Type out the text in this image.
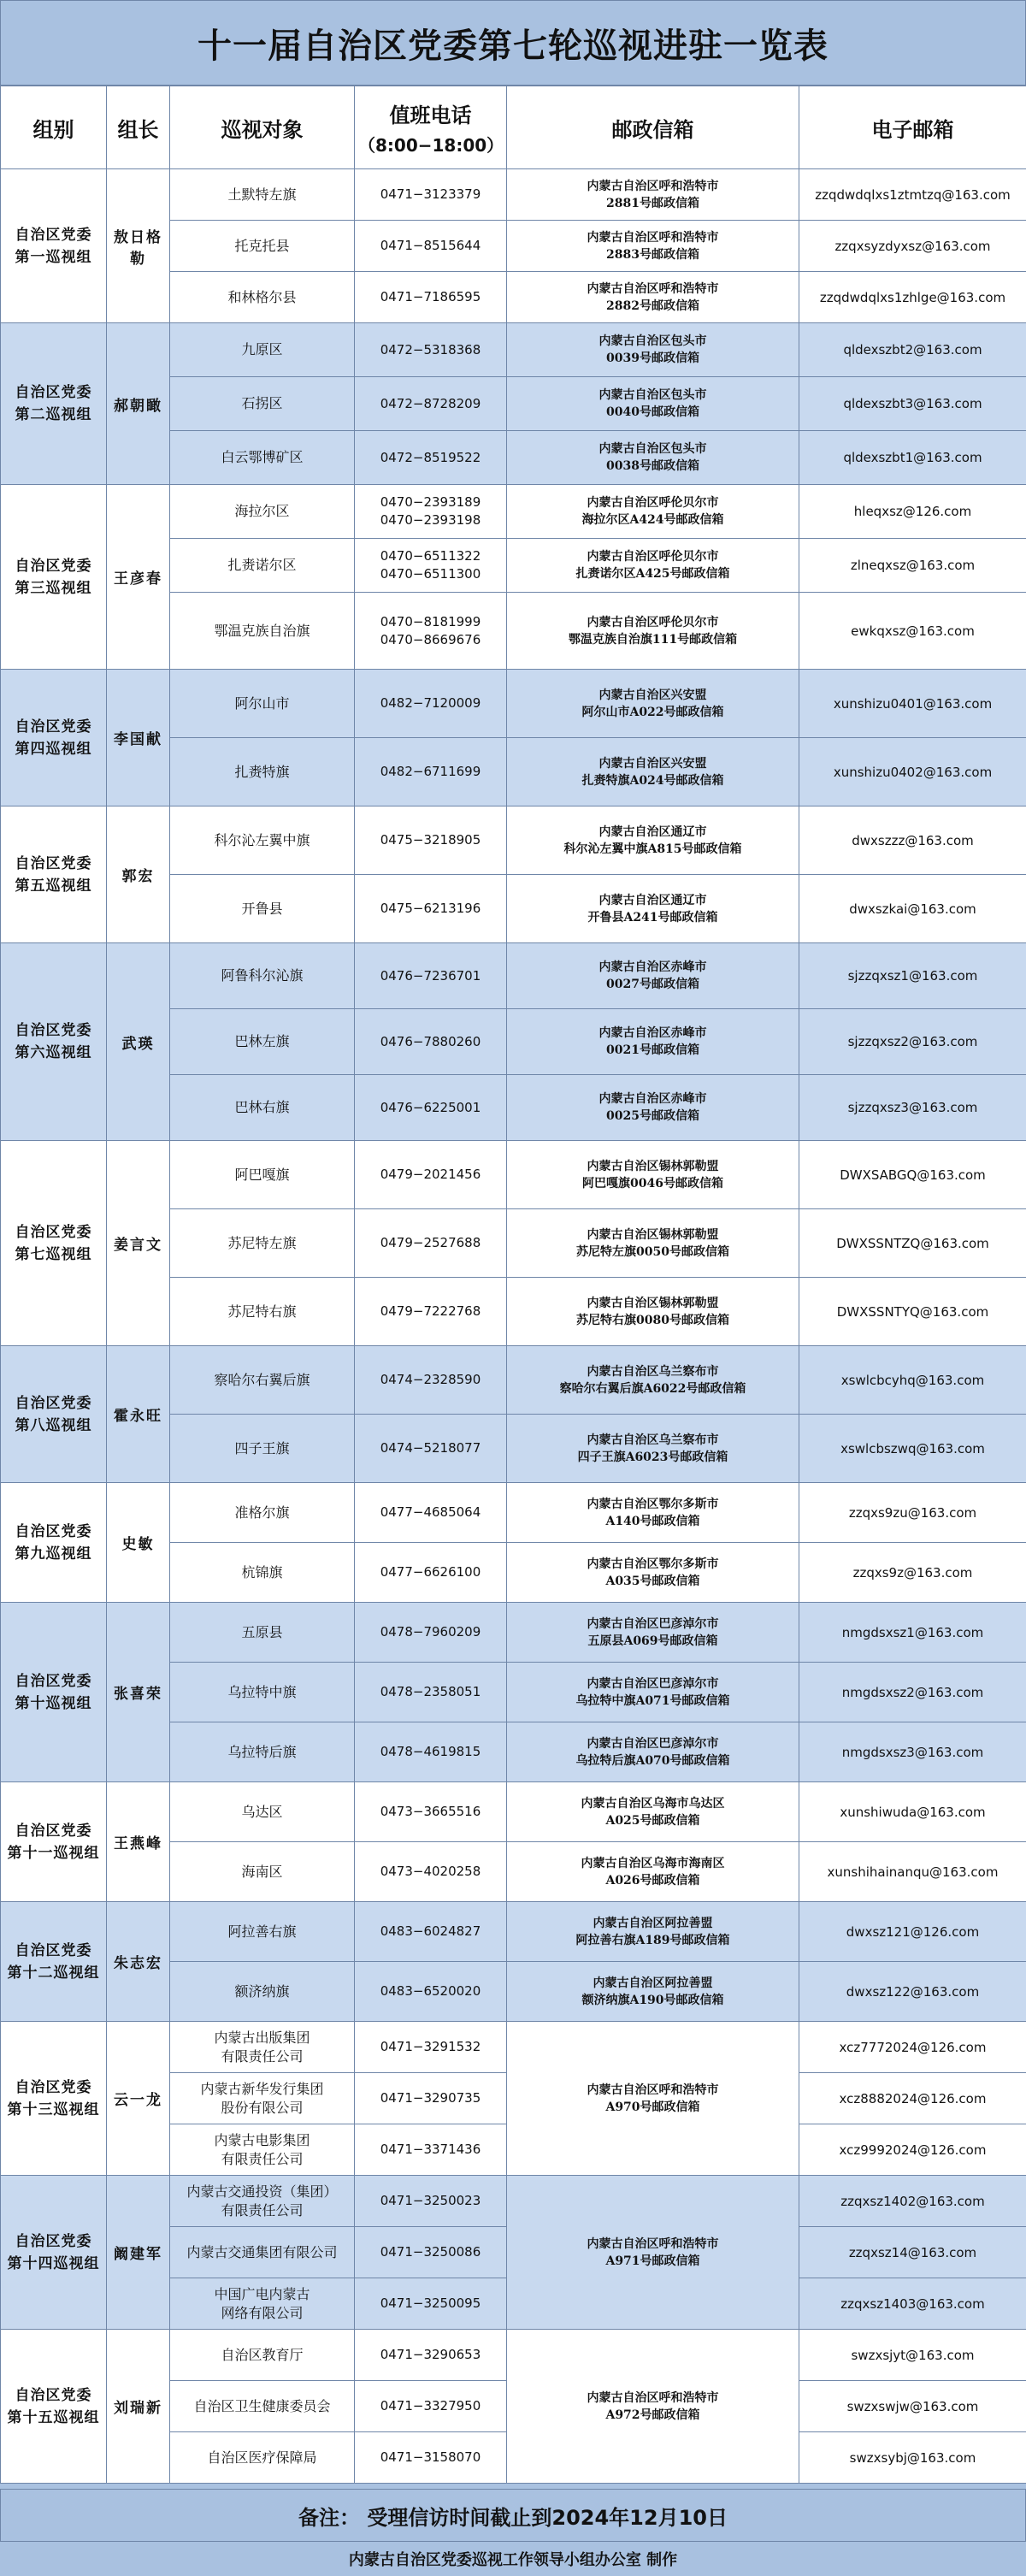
十一届自治区党委第七轮巡视进驻一览表
组别	组长	巡视对象	值班电话
（8:00−18:00）	邮政信箱	电子邮箱
自治区党委
第一巡视组	敖日格勒	土默特左旗	0471−3123379	内蒙古自治区呼和浩特市
2881号邮政信箱	zzqdwdqlxs1ztmtzq@163.com
		托克托县	0471−8515644	内蒙古自治区呼和浩特市
2883号邮政信箱	zzqxsyzdyxsz@163.com
		和林格尔县	0471−7186595	内蒙古自治区呼和浩特市
2882号邮政信箱	zzqdwdqlxs1zhlge@163.com
自治区党委
第二巡视组	郝朝瞰	九原区	0472−5318368	内蒙古自治区包头市
0039号邮政信箱	qldexszbt2@163.com
		石拐区	0472−8728209	内蒙古自治区包头市
0040号邮政信箱	qldexszbt3@163.com
		白云鄂博矿区	0472−8519522	内蒙古自治区包头市
0038号邮政信箱	qldexszbt1@163.com
自治区党委
第三巡视组	王彦春	海拉尔区	0470−2393189
0470−2393198	内蒙古自治区呼伦贝尔市
海拉尔区A424号邮政信箱	hleqxsz@126.com
		扎赉诺尔区	0470−6511322
0470−6511300	内蒙古自治区呼伦贝尔市
扎赉诺尔区A425号邮政信箱	zlneqxsz@163.com
		鄂温克族自治旗	0470−8181999
0470−8669676	内蒙古自治区呼伦贝尔市
鄂温克族自治旗111号邮政信箱	ewkqxsz@163.com
自治区党委
第四巡视组	李国献	阿尔山市	0482−7120009	内蒙古自治区兴安盟
阿尔山市A022号邮政信箱	xunshizu0401@163.com
		扎赉特旗	0482−6711699	内蒙古自治区兴安盟
扎赉特旗A024号邮政信箱	xunshizu0402@163.com
自治区党委
第五巡视组	郭宏	科尔沁左翼中旗	0475−3218905	内蒙古自治区通辽市
科尔沁左翼中旗A815号邮政信箱	dwxszzz@163.com
		开鲁县	0475−6213196	内蒙古自治区通辽市
开鲁县A241号邮政信箱	dwxszkai@163.com
自治区党委
第六巡视组	武瑛	阿鲁科尔沁旗	0476−7236701	内蒙古自治区赤峰市
0027号邮政信箱	sjzzqxsz1@163.com
		巴林左旗	0476−7880260	内蒙古自治区赤峰市
0021号邮政信箱	sjzzqxsz2@163.com
		巴林右旗	0476−6225001	内蒙古自治区赤峰市
0025号邮政信箱	sjzzqxsz3@163.com
自治区党委
第七巡视组	姜言文	阿巴嘎旗	0479−2021456	内蒙古自治区锡林郭勒盟
阿巴嘎旗0046号邮政信箱	DWXSABGQ@163.com
		苏尼特左旗	0479−2527688	内蒙古自治区锡林郭勒盟
苏尼特左旗0050号邮政信箱	DWXSSNTZQ@163.com
		苏尼特右旗	0479−7222768	内蒙古自治区锡林郭勒盟
苏尼特右旗0080号邮政信箱	DWXSSNTYQ@163.com
自治区党委
第八巡视组	霍永旺	察哈尔右翼后旗	0474−2328590	内蒙古自治区乌兰察布市
察哈尔右翼后旗A6022号邮政信箱	xswlcbcyhq@163.com
		四子王旗	0474−5218077	内蒙古自治区乌兰察布市
四子王旗A6023号邮政信箱	xswlcbszwq@163.com
自治区党委
第九巡视组	史敏	准格尔旗	0477−4685064	内蒙古自治区鄂尔多斯市
A140号邮政信箱	zzqxs9zu@163.com
		杭锦旗	0477−6626100	内蒙古自治区鄂尔多斯市
A035号邮政信箱	zzqxs9z@163.com
自治区党委
第十巡视组	张喜荣	五原县	0478−7960209	内蒙古自治区巴彦淖尔市
五原县A069号邮政信箱	nmgdsxsz1@163.com
		乌拉特中旗	0478−2358051	内蒙古自治区巴彦淖尔市
乌拉特中旗A071号邮政信箱	nmgdsxsz2@163.com
		乌拉特后旗	0478−4619815	内蒙古自治区巴彦淖尔市
乌拉特后旗A070号邮政信箱	nmgdsxsz3@163.com
自治区党委
第十一巡视组	王燕峰	乌达区	0473−3665516	内蒙古自治区乌海市乌达区
A025号邮政信箱	xunshiwuda@163.com
		海南区	0473−4020258	内蒙古自治区乌海市海南区
A026号邮政信箱	xunshihainanqu@163.com
自治区党委
第十二巡视组	朱志宏	阿拉善右旗	0483−6024827	内蒙古自治区阿拉善盟
阿拉善右旗A189号邮政信箱	dwxsz121@126.com
		额济纳旗	0483−6520020	内蒙古自治区阿拉善盟
额济纳旗A190号邮政信箱	dwxsz122@163.com
自治区党委
第十三巡视组	云一龙	内蒙古出版集团
有限责任公司	0471−3291532	内蒙古自治区呼和浩特市
A970号邮政信箱	xcz7772024@126.com
		内蒙古新华发行集团
股份有限公司	0471−3290735		xcz8882024@126.com
		内蒙古电影集团
有限责任公司	0471−3371436		xcz9992024@126.com
自治区党委
第十四巡视组	阚建军	内蒙古交通投资（集团）
有限责任公司	0471−3250023	内蒙古自治区呼和浩特市
A971号邮政信箱	zzqxsz1402@163.com
		内蒙古交通集团有限公司	0471−3250086		zzqxsz14@163.com
		中国广电内蒙古
网络有限公司	0471−3250095		zzqxsz1403@163.com
自治区党委
第十五巡视组	刘瑞新	自治区教育厅	0471−3290653	内蒙古自治区呼和浩特市
A972号邮政信箱	swzxsjyt@163.com
		自治区卫生健康委员会	0471−3327950		swzxswjw@163.com
		自治区医疗保障局	0471−3158070		swzxsybj@163.com
备注： 受理信访时间截止到2024年12月10日
内蒙古自治区党委巡视工作领导小组办公室 制作
